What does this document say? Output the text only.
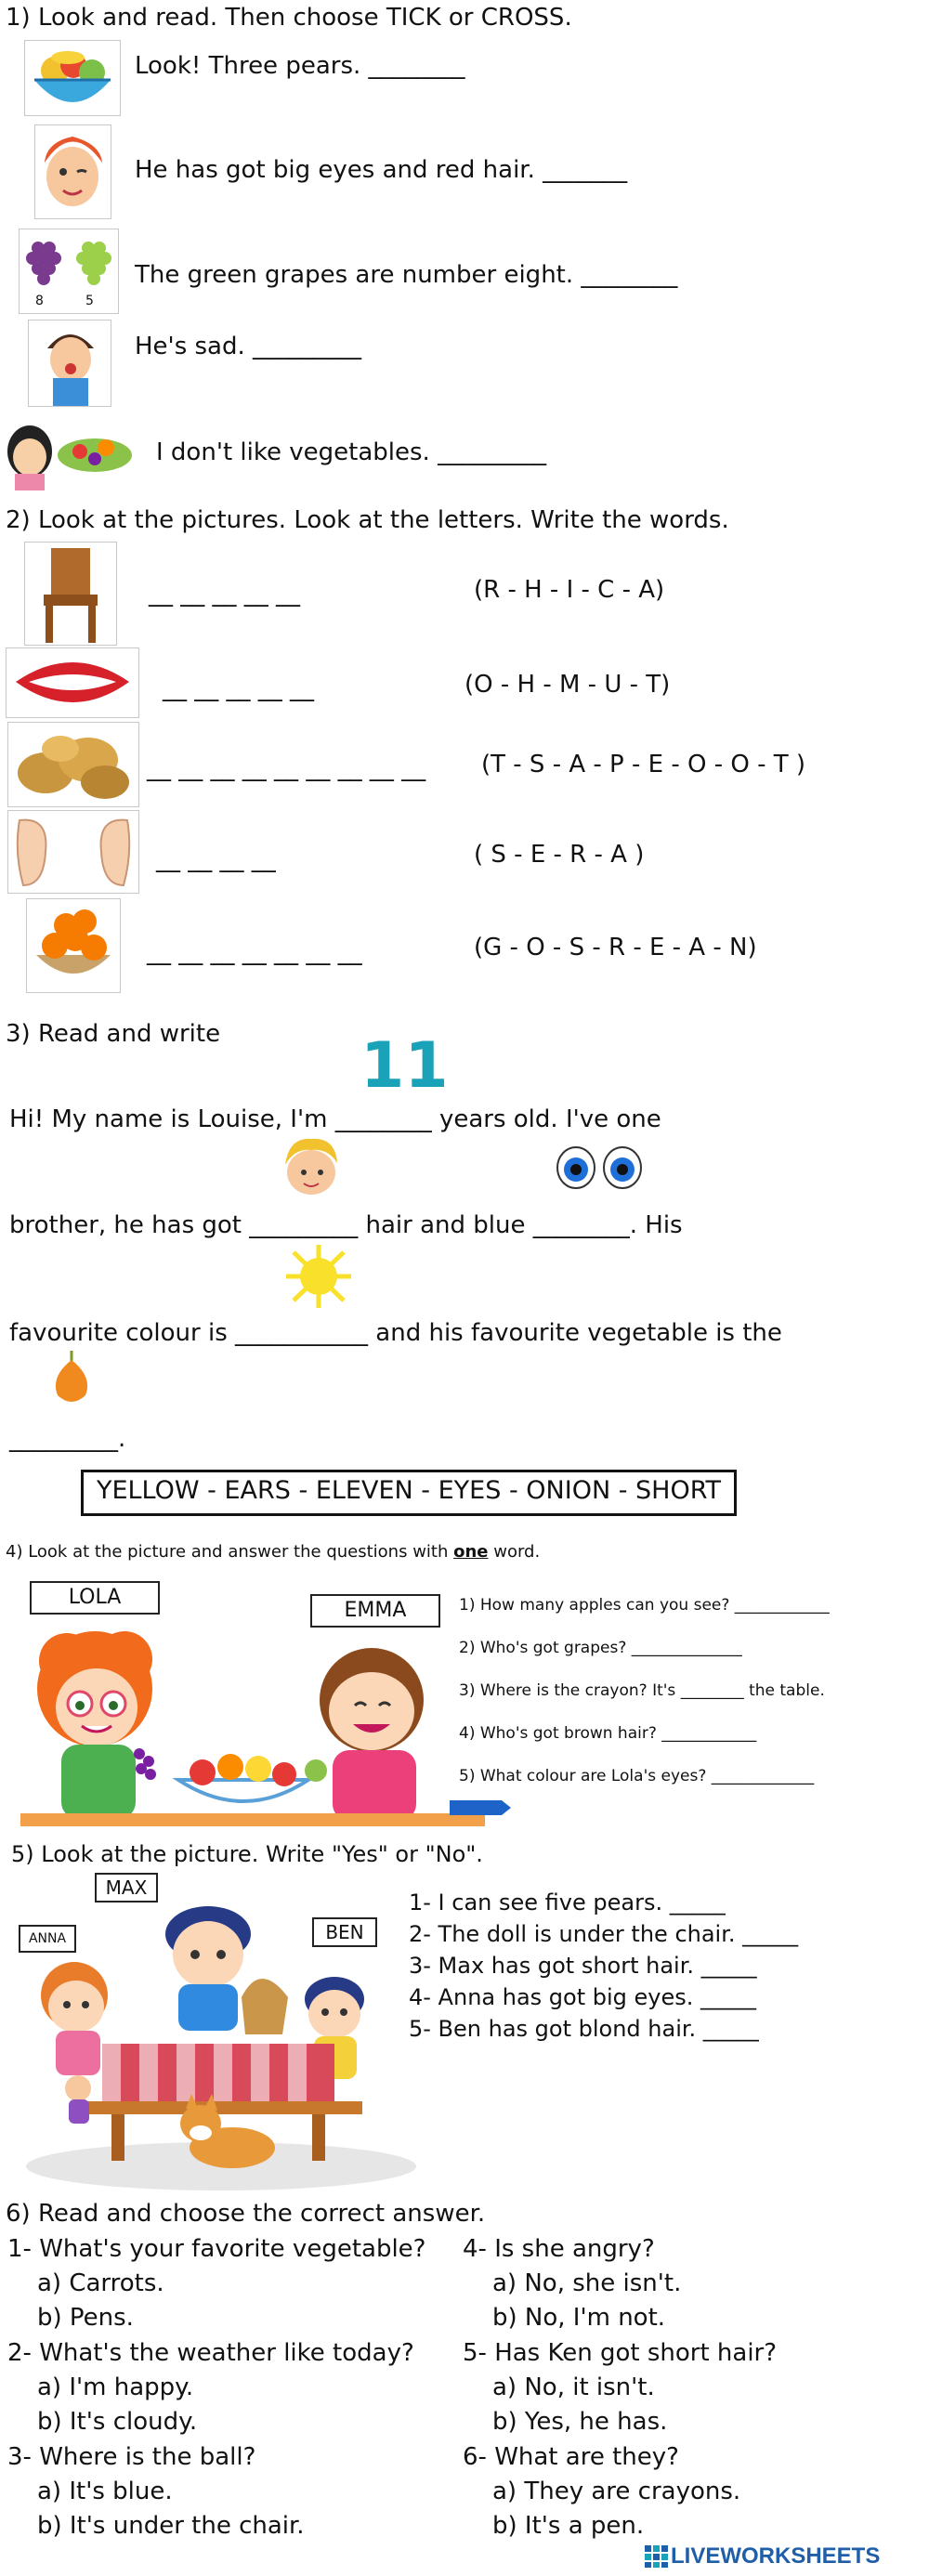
1) Look and read. Then choose TICK or CROSS.
Look! Three pears. ________
He has got big eyes and red hair. _______
8	5
The green grapes are number eight. ________
He's sad. _________
I don't like vegetables. _________
2) Look at the pictures. Look at the letters. Write the words.
__ __ __ __ __	(R - H - I - C - A)
__ __ __ __ __	(O - H - M - U - T)
__ __ __ __ __ __ __ __ __ (T - S - A - P - E - O - O - T )
__ __ __ __	( S - E - R - A )
__ __ __ __ __ __ __	(G - O - S - R - E - A - N)
3) Read and write 11
Hi! My name is Louise, I'm ________ years old. I've one
brother, he has got _________ hair and blue ________. His
favourite colour is ___________ and his favourite vegetable is the
_________.
YELLOW - EARS - ELEVEN - EYES - ONION - SHORT
4) Look at the picture and answer the questions with one word.
LOLA
EMMA	1) How many apples can you see? ____________
2) Who's got grapes? ______________
3) Where is the crayon? It's ________ the table.
4) Who's got brown hair? ____________
5) What colour are Lola's eyes? _____________
5) Look at the picture. Write "Yes" or "No".
MAX
ANNA	BEN
1- I can see five pears. _____
2- The doll is under the chair. _____
3- Max has got short hair. _____
4- Anna has got big eyes. _____
5- Ben has got blond hair. _____
6) Read and choose the correct answer.
1- What's your favorite vegetable?
a) Carrots.
b) Pens.
2- What's the weather like today?
a) I'm happy.
b) It's cloudy.
3- Where is the ball?
a) It's blue.
b) It's under the chair.
4- Is she angry?
a) No, she isn't.
b) No, I'm not.
5- Has Ken got short hair?
a) No, it isn't.
b) Yes, he has.
6- What are they?
a) They are crayons.
b) It's a pen.
LIVEWORKSHEETS
